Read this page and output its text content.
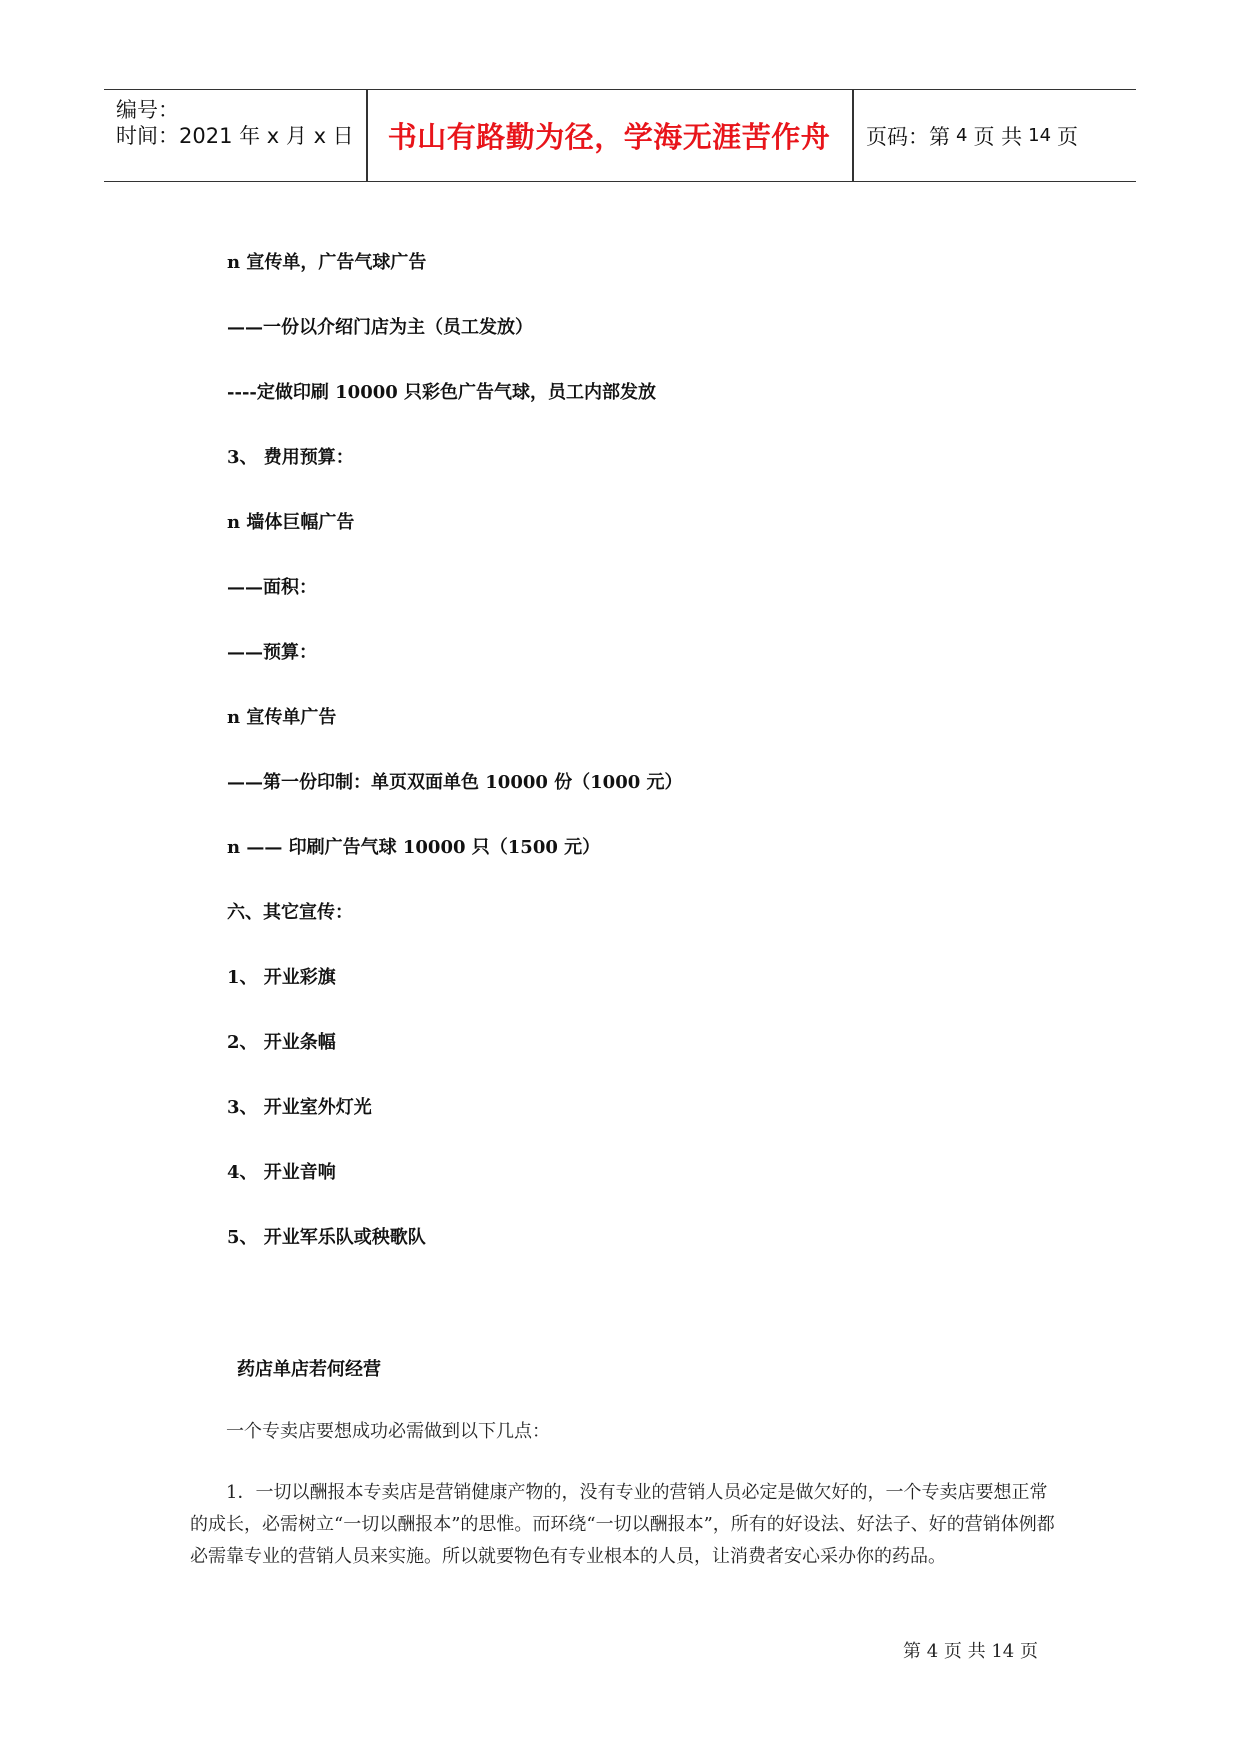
编号：
时间：2021 年 x 月 x 日 书山有路勤为径，学海无涯苦作舟 页码：第 4 页 共 14 页
n 宣传单，广告气球广告
——一份以介绍门店为主（员工发放）
----定做印刷 10000 只彩色广告气球，员工内部发放
3、 费用预算：
n 墙体巨幅广告
——面积：
——预算：
n 宣传单广告
——第一份印制：单页双面单色 10000 份（1000 元）
n —— 印刷广告气球 10000 只（1500 元）
六、其它宣传：
1、 开业彩旗
2、 开业条幅
3、 开业室外灯光
4、 开业音响
5、 开业军乐队或秧歌队
药店单店若何经营
一个专卖店要想成功必需做到以下几点：
1．一切以酬报本专卖店是营销健康产物的，没有专业的营销人员必定是做欠好的，一个专卖店要想正常的成长，必需树立“一切以酬报本”的思惟。而环绕“一切以酬报本”，所有的好设法、好法子、好的营销体例都必需靠专业的营销人员来实施。所以就要物色有专业根本的人员，让消费者安心采办你的药品。
第 4 页 共 14 页
